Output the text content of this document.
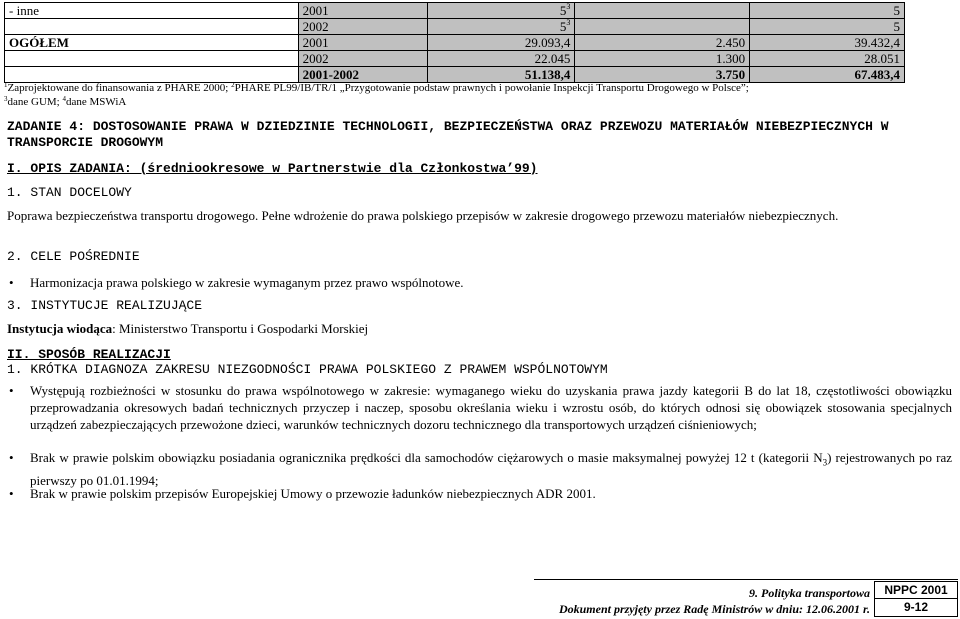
- inne	2001	$5^3$		5
	2002	$5^3$		5
OGÓŁEM	2001	29.093,4	2.450	39.432,4
	2002	22.045	1.300	28.051
	2001-2002	51.138,4	3.750	67.483,4
$^1$Zaprojektowane do finansowania z PHARE 2000; $^2$PHARE PL99/IB/TR/1 „Przygotowanie podstaw prawnych i powołanie Inspekcji Transportu Drogowego w Polsce”;
$^3$dane GUM; $^4$dane MSWiA
ZADANIE 4: DOSTOSOWANIE PRAWA W DZIEDZINIE TECHNOLOGII, BEZPIECZEŃSTWA ORAZ PRZEWOZU MATERIAŁÓW NIEBEZPIECZNYCH W TRANSPORCIE DROGOWYM
I. OPIS ZADANIA: (średniookresowe w Partnerstwie dla Członkostwa’99)
1. STAN DOCELOWY
Poprawa bezpieczeństwa transportu drogowego. Pełne wdrożenie do prawa polskiego przepisów w zakresie drogowego przewozu materiałów niebezpiecznych.
2. CELE POŚREDNIE
• Harmonizacja prawa polskiego w zakresie wymaganym przez prawo wspólnotowe.
3. INSTYTUCJE REALIZUJĄCE
Instytucja wiodąca: Ministerstwo Transportu i Gospodarki Morskiej
II. SPOSÓB REALIZACJI
1. KRÓTKA DIAGNOZA ZAKRESU NIEZGODNOŚCI PRAWA POLSKIEGO Z PRAWEM WSPÓLNOTOWYM
• Występują rozbieżności w stosunku do prawa wspólnotowego w zakresie: wymaganego wieku do uzyskania prawa jazdy kategorii B do lat 18, częstotliwości obowiązku przeprowadzania okresowych badań technicznych przyczep i naczep, sposobu określania wieku i wzrostu osób, do których odnosi się obowiązek stosowania specjalnych urządzeń zabezpieczających przewożone dzieci, warunków technicznych dozoru technicznego dla transportowych urządzeń ciśnieniowych;
• Brak w prawie polskim obowiązku posiadania ogranicznika prędkości dla samochodów ciężarowych o masie maksymalnej powyżej 12 t (kategorii $N_3$) rejestrowanych po raz pierwszy po 01.01.1994;
• Brak w prawie polskim przepisów Europejskiej Umowy o przewozie ładunków niebezpiecznych ADR 2001.
9. Polityka transportowa
Dokument przyjęty przez Radę Ministrów w dniu: 12.06.2001 r.
NPPC 2001
9-12
